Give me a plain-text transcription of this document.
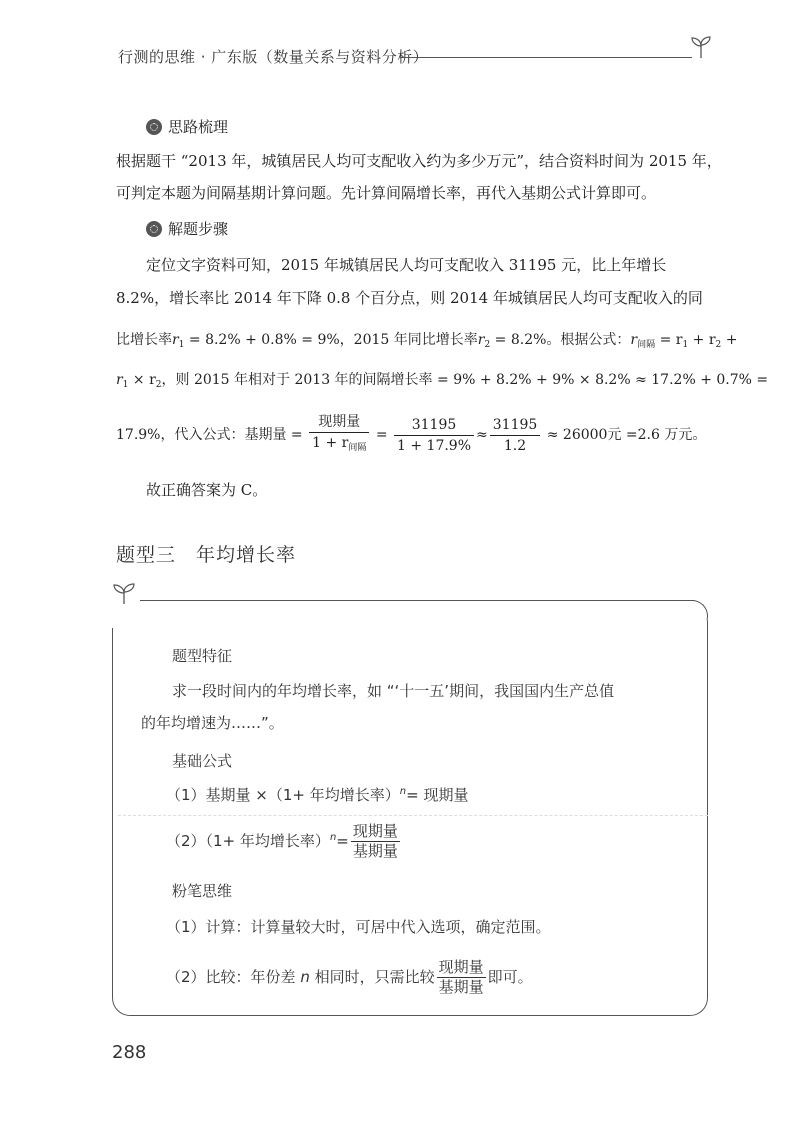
行测的思维 · 广东版（数量关系与资料分析）
思路梳理
根据题干 “2013 年，城镇居民人均可支配收入约为多少万元”，结合资料时间为 2015 年，
可判定本题为间隔基期计算问题。先计算间隔增长率，再代入基期公式计算即可。
解题步骤
定位文字资料可知，2015 年城镇居民人均可支配收入 31195 元，比上年增长
8.2%，增长率比 2014 年下降 0.8 个百分点，则 2014 年城镇居民人均可支配收入的同
比增长率$r_1 = 8.2\% + 0.8\% = 9\%$，2015 年同比增长率$r_2 = 8.2\%$。根据公式：$r_{间隔} = r_1 + r_2$ +
$r_1 \times r_2$，则 2015 年相对于 2013 年的间隔增长率 = 9% + 8.2% + 9% × 8.2% ≈ 17.2% + 0.7% =
17.9%，代入公式：基期量 = $\frac{\text{现期量}}{1 + r_{间隔}} = \frac{31195}{1 + 17.9\%} \approx \frac{31195}{1.2} \approx 26000$元 =2.6 万元。
故正确答案为 C。
题型三　年均增长率
题型特征
求一段时间内的年均增长率，如 “‘十一五’期间，我国国内生产总值
的年均增速为……”。
基础公式
（1）基期量 ×（1+ 年均增长率）$^n$= 现期量
（2）（1+ 年均增长率）$^n= \frac{\text{现期量}}{\text{基期量}}$
粉笔思维
（1）计算：计算量较大时，可居中代入选项，确定范围。
（2）比较：年份差 n 相同时，只需比较 $\frac{\text{现期量}}{\text{基期量}}$ 即可。
288
